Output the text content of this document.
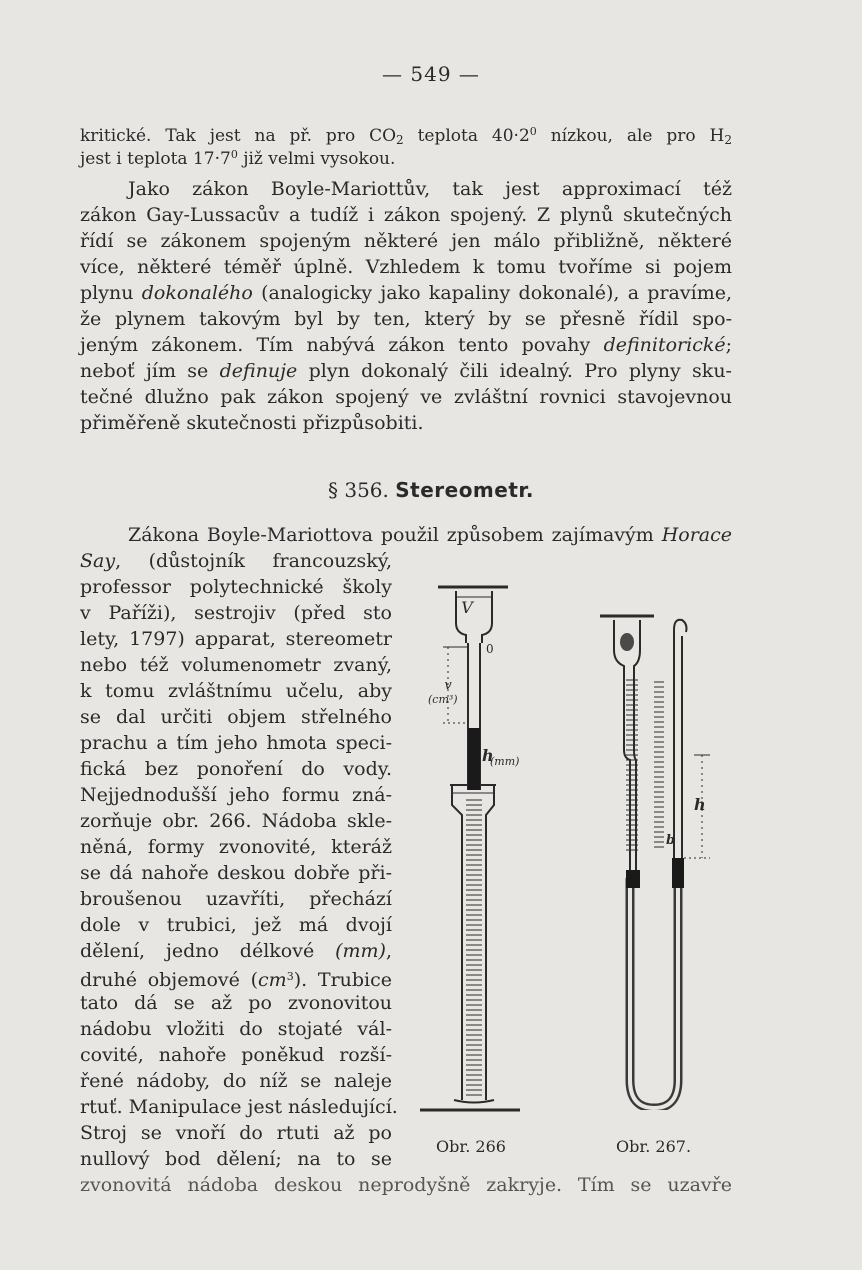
— 549 —
kritické. Tak jest na př. pro $CO_2$ teplota $40\cdot 2^0$ nízkou, ale pro $H_2$
jest i teplota $17\cdot 7^0$ již velmi vysokou.
Jako zákon Boyle-Mariottův, tak jest approximací též
zákon Gay-Lussacův a tudíž i zákon spojený. Z plynů skutečných
řídí se zákonem spojeným některé jen málo přibližně, některé
více, některé téměř úplně. Vzhledem k tomu tvoříme si pojem
plynu dokonalého (analogicky jako kapaliny dokonalé), a pravíme,
že plynem takovým byl by ten, který by se přesně řídil spo-
jeným zákonem. Tím nabývá zákon tento povahy definitorické;
neboť jím se definuje plyn dokonalý čili idealný. Pro plyny sku-
tečné dlužno pak zákon spojený ve zvláštní rovnici stavojevnou
přiměřeně skutečnosti přizpůsobiti.
§ 356. Stereometr.
Zákona Boyle-Mariottova použil způsobem zajímavým Horace
Say, (důstojník francouzský,
professor polytechnické školy
v Paříži), sestrojiv (před sto
lety, 1797) apparat, stereometr
nebo též volumenometr zvaný,
k tomu zvláštnímu učelu, aby
se dal určiti objem střelného
prachu a tím jeho hmota speci-
fická bez ponoření do vody.
Nejjednodušší jeho formu zná-
zorňuje obr. 266. Nádoba skle-
něná, formy zvonovité, kteráž
se dá nahoře deskou dobře při-
broušenou uzavříti, přechází
dole v trubici, jež má dvojí
dělení, jedno délkové (mm),
druhé objemové $(cm^3)$. Trubice
tato dá se až po zvonovitou
nádobu vložiti do stojaté vál-
covité, nahoře poněkud rozší-
řené nádoby, do níž se naleje
rtuť. Manipulace jest následující.
Stroj se vnoří do rtuti až po
nullový bod dělení; na to se
zvonovitá nádoba deskou neprodyšně zakryje. Tím se uzavře
V
0
v
(cm³)
h
(mm)
Obr. 266
h
b
Obr. 267.
